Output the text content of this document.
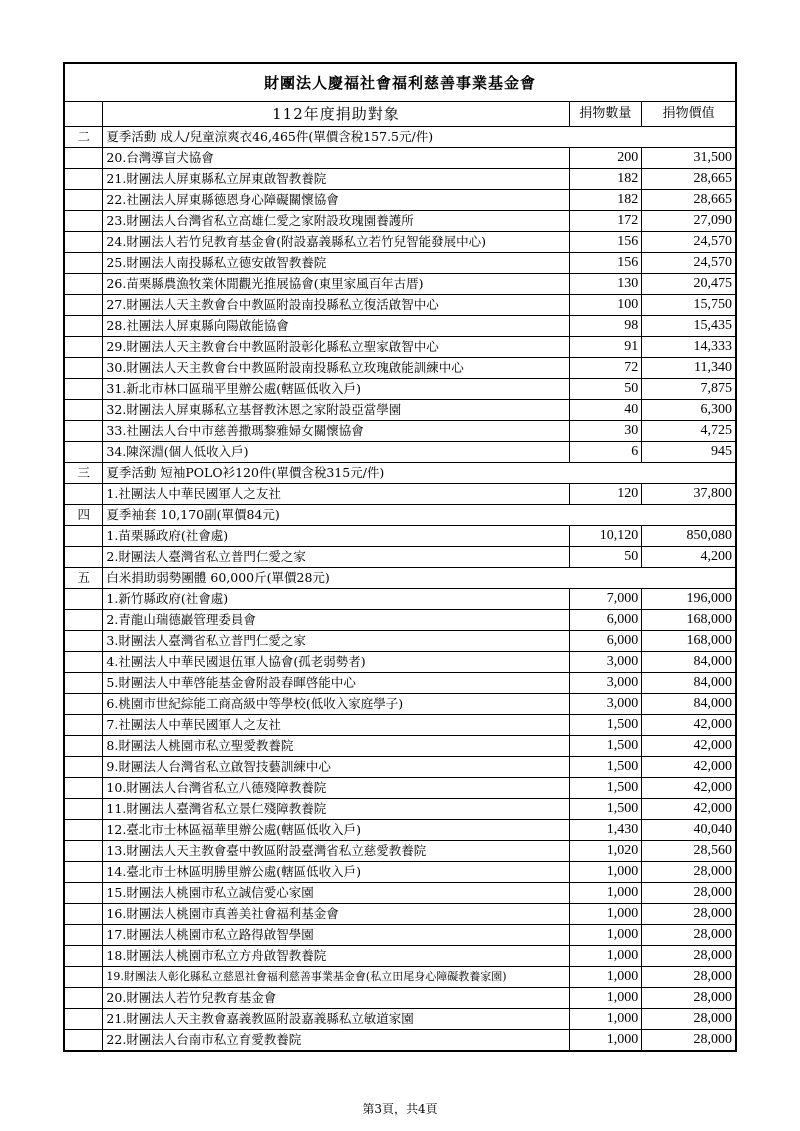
財團法人慶福社會福利慈善事業基金會			
	112年度捐助對象	捐物數量	捐物價值
二	夏季活動 成人/兒童涼爽衣46,465件(單價含稅157.5元/件)		
	20.台灣導盲犬協會	200	31,500
	21.財團法人屏東縣私立屏東啟智教養院	182	28,665
	22.社團法人屏東縣德恩身心障礙關懷協會	182	28,665
	23.財團法人台灣省私立高雄仁愛之家附設玫瑰園養護所	172	27,090
	24.財團法人若竹兒教育基金會(附設嘉義縣私立若竹兒智能發展中心)	156	24,570
	25.財團法人南投縣私立德安啟智教養院	156	24,570
	26.苗栗縣農漁牧業休閒觀光推展協會(東里家風百年古厝)	130	20,475
	27.財團法人天主教會台中教區附設南投縣私立復活啟智中心	100	15,750
	28.社團法人屏東縣向陽啟能協會	98	15,435
	29.財團法人天主教會台中教區附設彰化縣私立聖家啟智中心	91	14,333
	30.財團法人天主教會台中教區附設南投縣私立玫瑰啟能訓練中心	72	11,340
	31.新北市林口區瑞平里辦公處(轄區低收入戶)	50	7,875
	32.財團法人屏東縣私立基督教沐恩之家附設亞當學園	40	6,300
	33.社團法人台中市慈善撒瑪黎雅婦女關懷協會	30	4,725
	34.陳深淵(個人低收入戶)	6	945
三	夏季活動 短袖POLO衫120件(單價含稅315元/件)		
	1.社團法人中華民國軍人之友社	120	37,800
四	夏季袖套 10,170副(單價84元)		
	1.苗栗縣政府(社會處)	10,120	850,080
	2.財團法人臺灣省私立普門仁愛之家	50	4,200
五	白米捐助弱勢團體 60,000斤(單價28元)		
	1.新竹縣政府(社會處)	7,000	196,000
	2.青龍山瑞德巖管理委員會	6,000	168,000
	3.財團法人臺灣省私立普門仁愛之家	6,000	168,000
	4.社團法人中華民國退伍軍人協會(孤老弱勢者)	3,000	84,000
	5.財團法人中華啓能基金會附設春暉啓能中心	3,000	84,000
	6.桃園市世紀綜能工商高級中等學校(低收入家庭學子)	3,000	84,000
	7.社團法人中華民國軍人之友社	1,500	42,000
	8.財團法人桃園市私立聖愛教養院	1,500	42,000
	9.財團法人台灣省私立啟智技藝訓練中心	1,500	42,000
	10.財團法人台灣省私立八德殘障教養院	1,500	42,000
	11.財團法人臺灣省私立景仁殘障教養院	1,500	42,000
	12.臺北市士林區福華里辦公處(轄區低收入戶)	1,430	40,040
	13.財團法人天主教會臺中教區附設臺灣省私立慈愛教養院	1,020	28,560
	14.臺北市士林區明勝里辦公處(轄區低收入戶)	1,000	28,000
	15.財團法人桃園市私立誠信愛心家園	1,000	28,000
	16.財團法人桃園市真善美社會福利基金會	1,000	28,000
	17.財團法人桃園市私立路得啟智學園	1,000	28,000
	18.財團法人桃園市私立方舟啟智教養院	1,000	28,000
	19.財團法人彰化縣私立慈恩社會福利慈善事業基金會(私立田尾身心障礙教養家園)	1,000	28,000
	20.財團法人若竹兒教育基金會	1,000	28,000
	21.財團法人天主教會嘉義教區附設嘉義縣私立敏道家園	1,000	28,000
	22.財團法人台南市私立育愛教養院	1,000	28,000
第3頁，共4頁
